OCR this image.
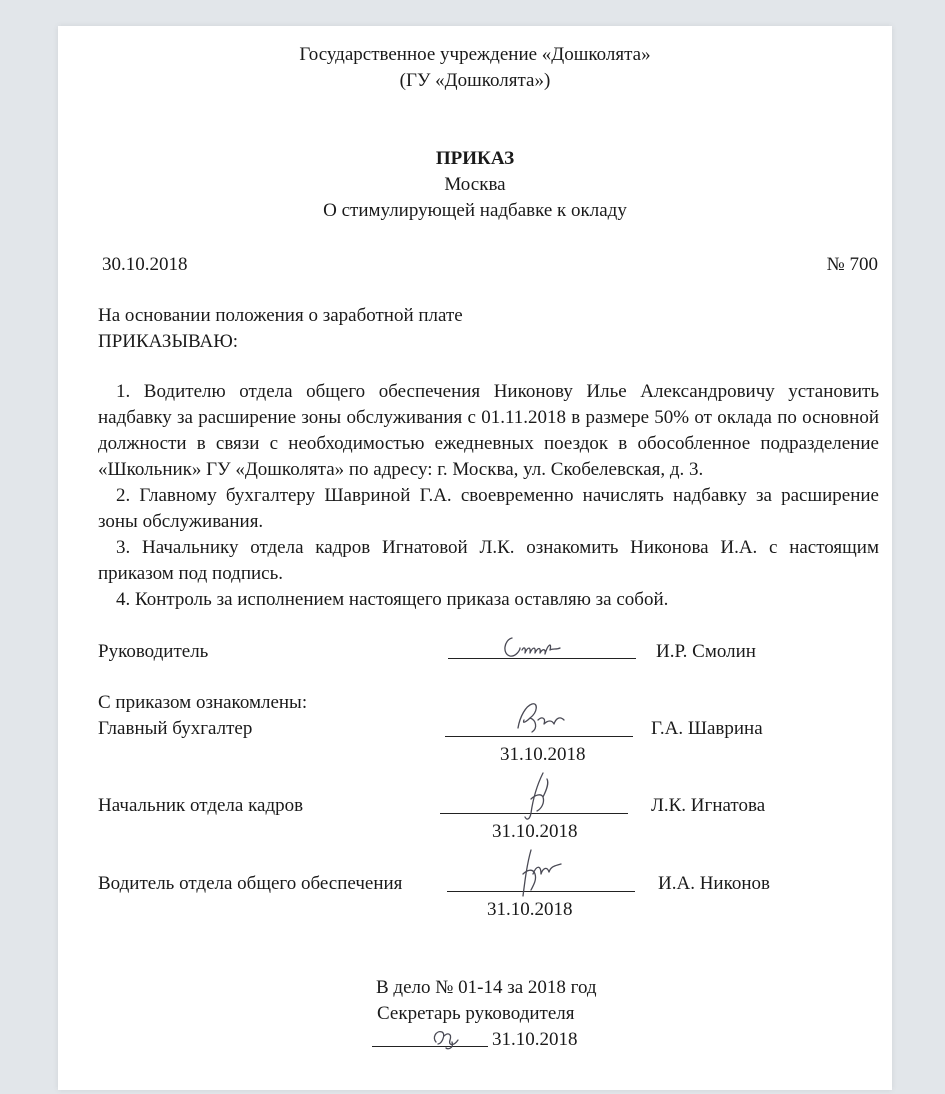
Государственное учреждение «Дошколята»
(ГУ «Дошколята»)
ПРИКАЗ
Москва
О стимулирующей надбавке к окладу
30.10.2018	№ 700
На основании положения о заработной плате
ПРИКАЗЫВАЮ:
1. Водителю отдела общего обеспечения Никонову Илье Александровичу установить надбавку за расширение зоны обслуживания с 01.11.2018 в размере 50% от оклада по основной должности в связи с необходимостью ежедневных поездок в обособленное подразделение «Школьник» ГУ «Дошколята» по адресу: г. Москва, ул. Скобелевская, д. 3.
2. Главному бухгалтеру Шавриной Г.А. своевременно начислять надбавку за расширение зоны обслуживания.
3. Начальнику отдела кадров Игнатовой Л.К. ознакомить Никонова И.А. с настоящим приказом под подпись.
4. Контроль за исполнением настоящего приказа оставляю за собой.
Руководитель	И.Р. Смолин
С приказом ознакомлены:
Главный бухгалтер	Г.А. Шаврина
31.10.2018
Начальник отдела кадров	Л.К. Игнатова
31.10.2018
Водитель отдела общего обеспечения	И.А. Никонов
31.10.2018
В дело № 01-14 за 2018 год
Секретарь руководителя
31.10.2018
